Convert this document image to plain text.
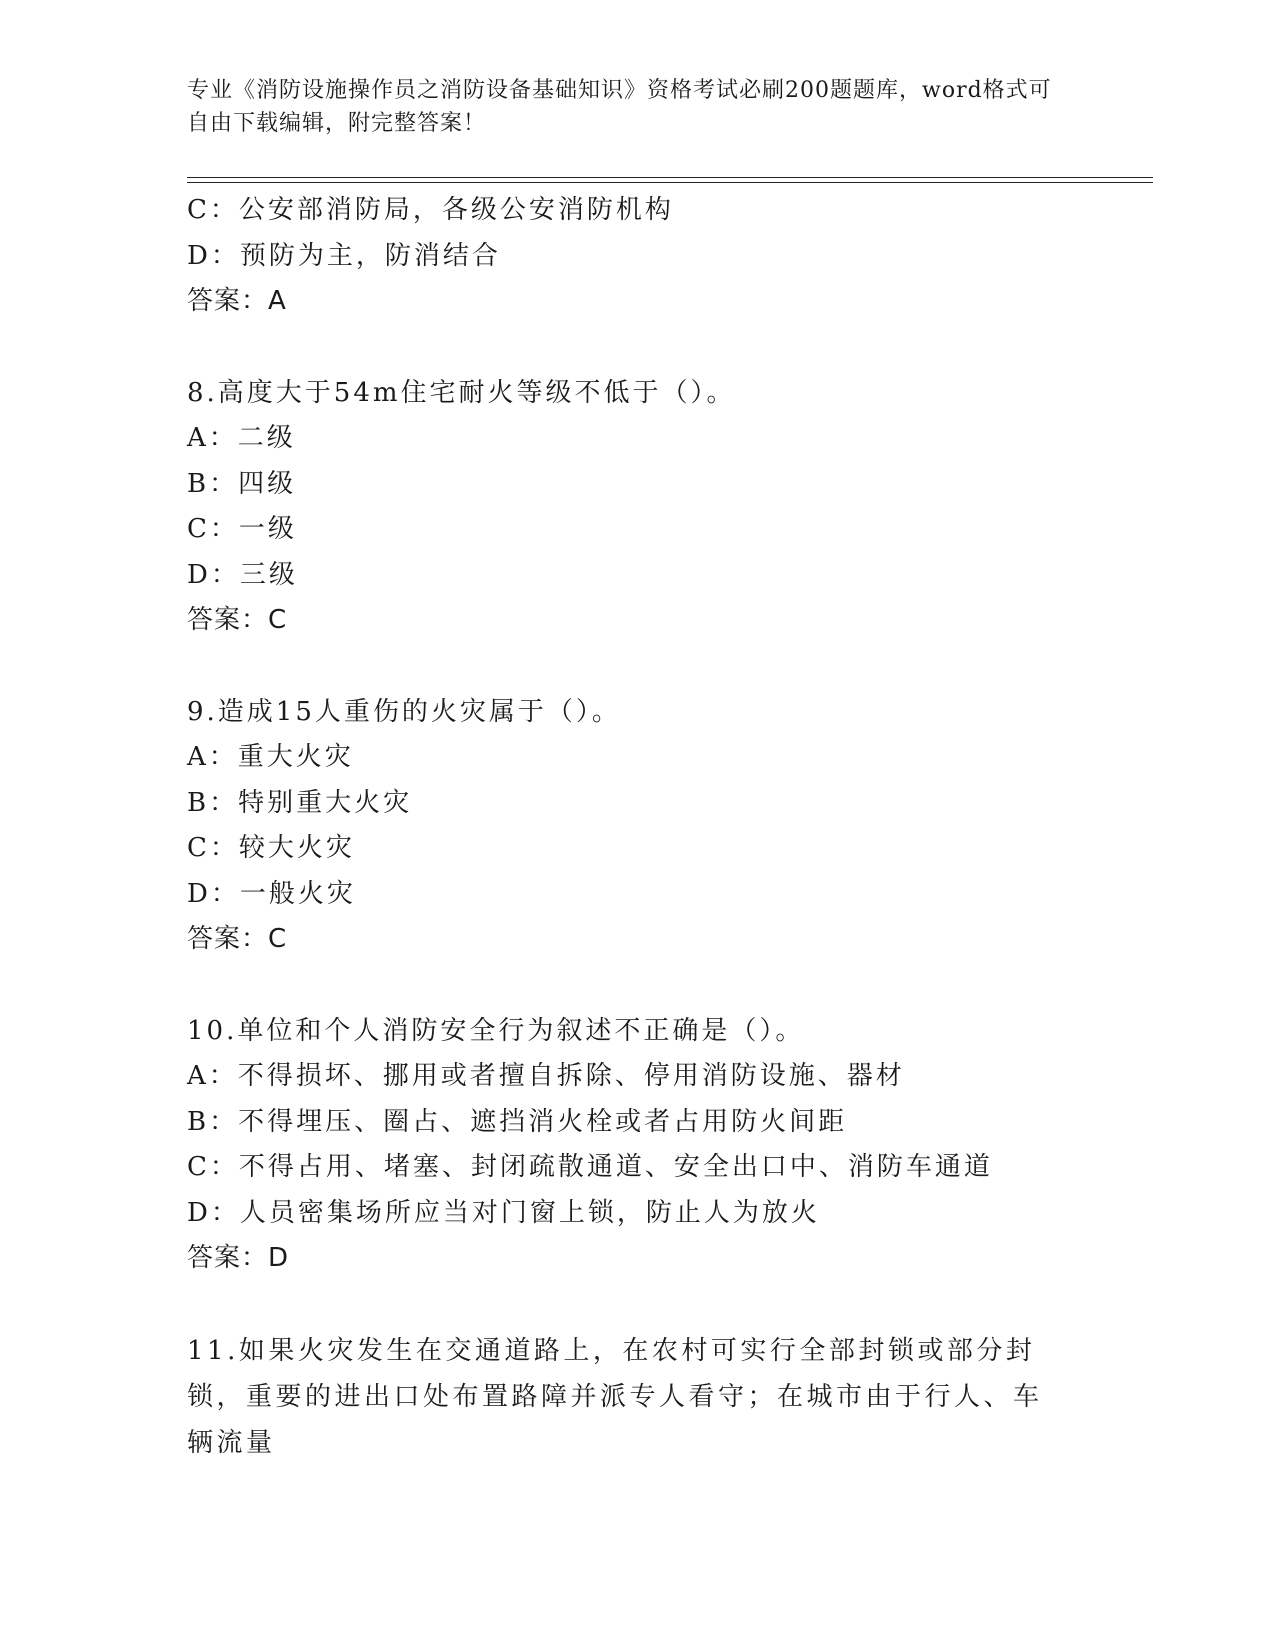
专业《消防设施操作员之消防设备基础知识》资格考试必刷200题题库，word格式可自由下载编辑，附完整答案！
C：公安部消防局，各级公安消防机构
D：预防为主，防消结合
答案：A
8.高度大于54m住宅耐火等级不低于（）。
A：二级
B：四级
C：一级
D：三级
答案：C
9.造成15人重伤的火灾属于（）。
A：重大火灾
B：特别重大火灾
C：较大火灾
D：一般火灾
答案：C
10.单位和个人消防安全行为叙述不正确是（）。
A：不得损坏、挪用或者擅自拆除、停用消防设施、器材
B：不得埋压、圈占、遮挡消火栓或者占用防火间距
C：不得占用、堵塞、封闭疏散通道、安全出口中、消防车通道
D：人员密集场所应当对门窗上锁，防止人为放火
答案：D
11.如果火灾发生在交通道路上，在农村可实行全部封锁或部分封锁，重要的进出口处布置路障并派专人看守；在城市由于行人、车辆流量
